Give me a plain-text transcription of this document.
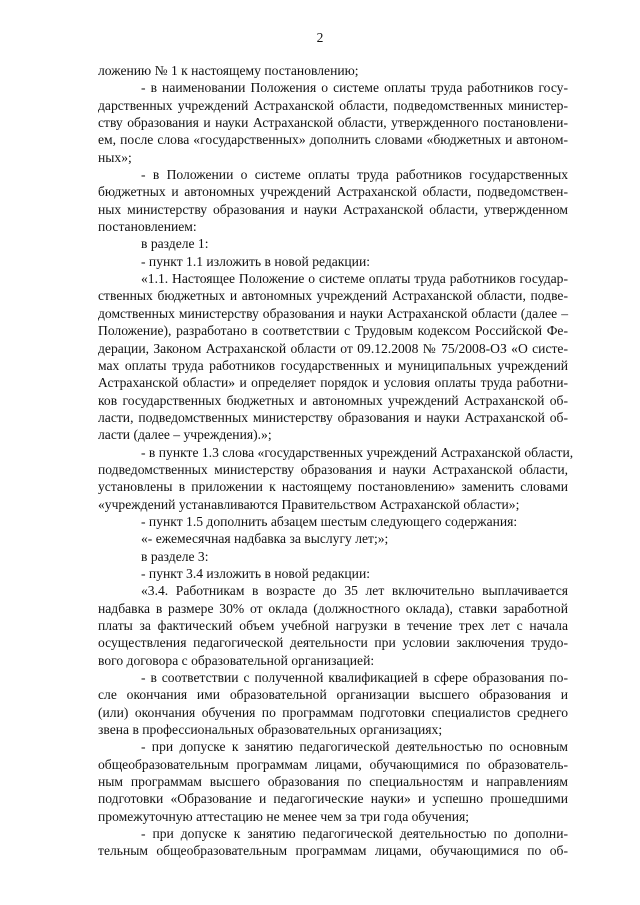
2
ложению № 1 к настоящему постановлению;
- в наименовании Положения о системе оплаты труда работников госу-
дарственных учреждений Астраханской области, подведомственных министер-
ству образования и науки Астраханской области, утвержденного постановлени-
ем, после слова «государственных» дополнить словами «бюджетных и автоном-
ных»;
- в Положении о системе оплаты труда работников государственных
бюджетных и автономных учреждений Астраханской области, подведомствен-
ных министерству образования и науки Астраханской области, утвержденном
постановлением:
в разделе 1:
- пункт 1.1 изложить в новой редакции:
«1.1. Настоящее Положение о системе оплаты труда работников государ-
ственных бюджетных и автономных учреждений Астраханской области, подве-
домственных министерству образования и науки Астраханской области (далее –
Положение), разработано в соответствии с Трудовым кодексом Российской Фе-
дерации, Законом Астраханской области от 09.12.2008 № 75/2008-ОЗ «О систе-
мах оплаты труда работников государственных и муниципальных учреждений
Астраханской области» и определяет порядок и условия оплаты труда работни-
ков государственных бюджетных и автономных учреждений Астраханской об-
ласти, подведомственных министерству образования и науки Астраханской об-
ласти (далее – учреждения).»;
- в пункте 1.3 слова «государственных учреждений Астраханской области,
подведомственных министерству образования и науки Астраханской области,
установлены в приложении к настоящему постановлению» заменить словами
«учреждений устанавливаются Правительством Астраханской области»;
- пункт 1.5 дополнить абзацем шестым следующего содержания:
«- ежемесячная надбавка за выслугу лет;»;
в разделе 3:
- пункт 3.4 изложить в новой редакции:
«3.4. Работникам в возрасте до 35 лет включительно выплачивается
надбавка в размере 30% от оклада (должностного оклада), ставки заработной
платы за фактический объем учебной нагрузки в течение трех лет с начала
осуществления педагогической деятельности при условии заключения трудо-
вого договора с образовательной организацией:
- в соответствии с полученной квалификацией в сфере образования по-
сле окончания ими образовательной организации высшего образования и
(или) окончания обучения по программам подготовки специалистов среднего
звена в профессиональных образовательных организациях;
- при допуске к занятию педагогической деятельностью по основным
общеобразовательным программам лицами, обучающимися по образователь-
ным программам высшего образования по специальностям и направлениям
подготовки «Образование и педагогические науки» и успешно прошедшими
промежуточную аттестацию не менее чем за три года обучения;
- при допуске к занятию педагогической деятельностью по дополни-
тельным общеобразовательным программам лицами, обучающимися по об-
